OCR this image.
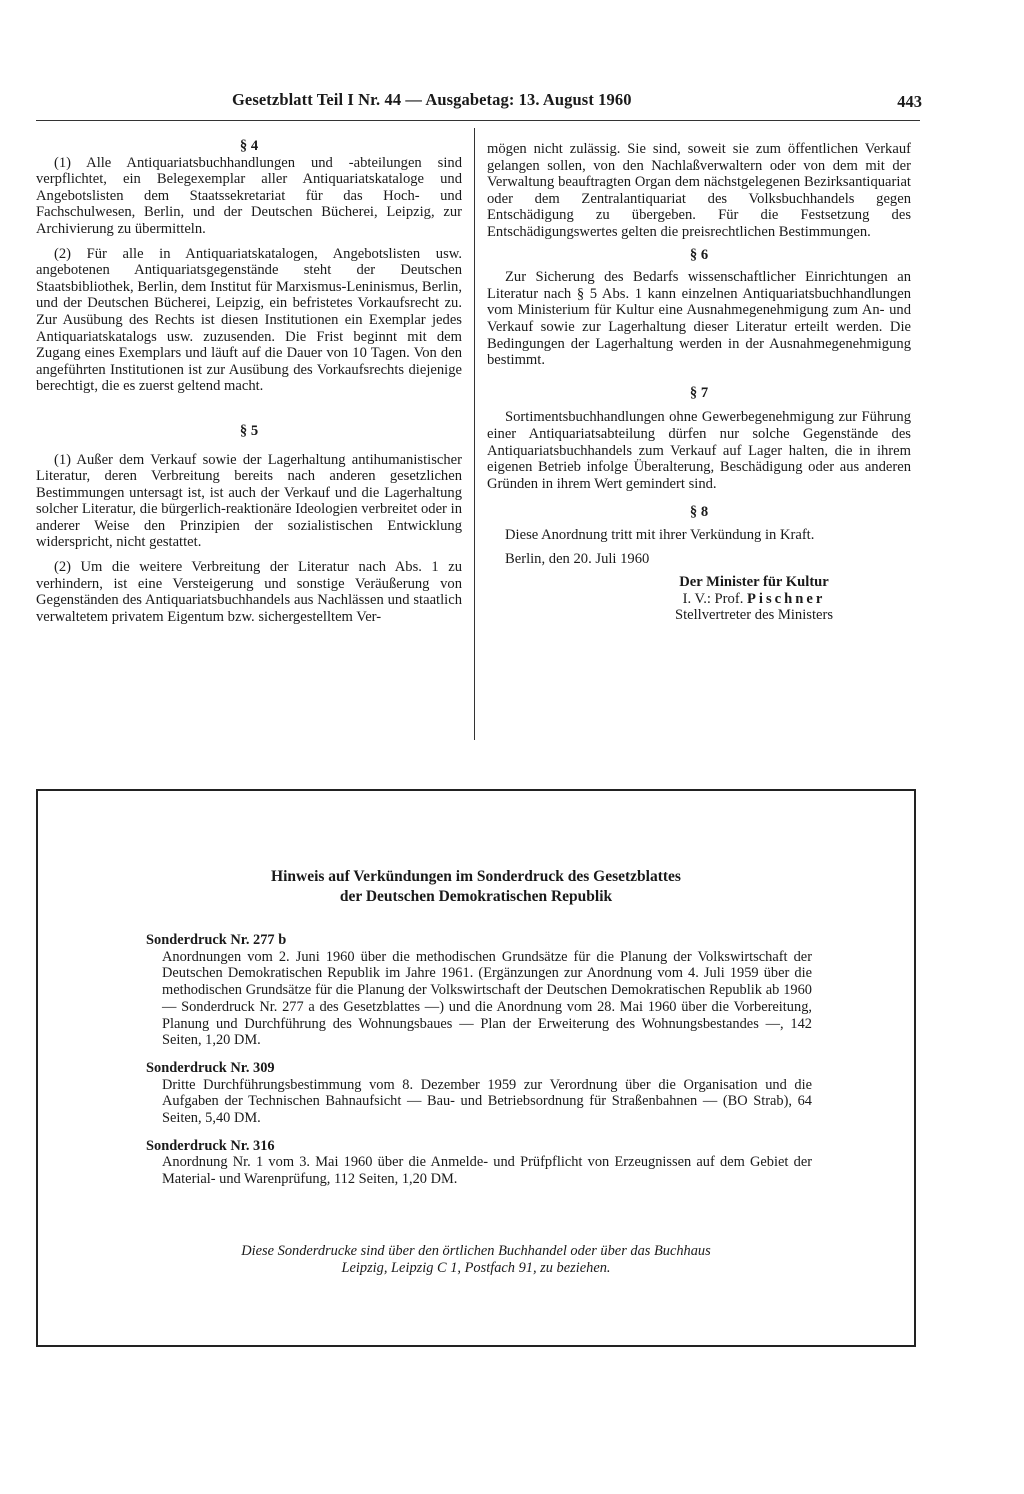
Gesetzblatt Teil I Nr. 44 — Ausgabetag: 13. August 1960	443

§ 4

(1) Alle Antiquariatsbuchhandlungen und -abteilungen sind verpflichtet, ein Belegexemplar aller Antiquariatskataloge und Angebotslisten dem Staatssekretariat für das Hoch- und Fachschulwesen, Berlin, und der Deutschen Bücherei, Leipzig, zur Archivierung zu übermitteln.

(2) Für alle in Antiquariatskatalogen, Angebotslisten usw. angebotenen Antiquariatsgegenstände steht der Deutschen Staatsbibliothek, Berlin, dem Institut für Marxismus-Leninismus, Berlin, und der Deutschen Bücherei, Leipzig, ein befristetes Vorkaufsrecht zu. Zur Ausübung des Rechts ist diesen Institutionen ein Exemplar jedes Antiquariatskatalogs usw. zuzusenden. Die Frist beginnt mit dem Zugang eines Exemplars und läuft auf die Dauer von 10 Tagen. Von den angeführten Institutionen ist zur Ausübung des Vorkaufsrechts diejenige berechtigt, die es zuerst geltend macht.

§ 5

(1) Außer dem Verkauf sowie der Lagerhaltung antihumanistischer Literatur, deren Verbreitung bereits nach anderen gesetzlichen Bestimmungen untersagt ist, ist auch der Verkauf und die Lagerhaltung solcher Literatur, die bürgerlich-reaktionäre Ideologien verbreitet oder in anderer Weise den Prinzipien der sozialistischen Entwicklung widerspricht, nicht gestattet.

(2) Um die weitere Verbreitung der Literatur nach Abs. 1 zu verhindern, ist eine Versteigerung und sonstige Veräußerung von Gegenständen des Antiquariatsbuchhandels aus Nachlässen und staatlich verwaltetem privatem Eigentum bzw. sichergestelltem Ver-

mögen nicht zulässig. Sie sind, soweit sie zum öffentlichen Verkauf gelangen sollen, von den Nachlaßverwaltern oder von dem mit der Verwaltung beauftragten Organ dem nächstgelegenen Bezirksantiquariat oder dem Zentralantiquariat des Volksbuchhandels gegen Entschädigung zu übergeben. Für die Festsetzung des Entschädigungswertes gelten die preisrechtlichen Bestimmungen.

§ 6

Zur Sicherung des Bedarfs wissenschaftlicher Einrichtungen an Literatur nach § 5 Abs. 1 kann einzelnen Antiquariatsbuchhandlungen vom Ministerium für Kultur eine Ausnahmegenehmigung zum An- und Verkauf sowie zur Lagerhaltung dieser Literatur erteilt werden. Die Bedingungen der Lagerhaltung werden in der Ausnahmegenehmigung bestimmt.

§ 7

Sortimentsbuchhandlungen ohne Gewerbegenehmigung zur Führung einer Antiquariatsabteilung dürfen nur solche Gegenstände des Antiquariatsbuchhandels zum Verkauf auf Lager halten, die in ihrem eigenen Betrieb infolge Überalterung, Beschädigung oder aus anderen Gründen in ihrem Wert gemindert sind.

§ 8

Diese Anordnung tritt mit ihrer Verkündung in Kraft.

Berlin, den 20. Juli 1960

Der Minister für Kultur

I. V.: Prof. Pischner

Stellvertreter des Ministers

Hinweis auf Verkündungen im Sonderdruck des Gesetzblattes
der Deutschen Demokratischen Republik

Sonderdruck Nr. 277 b

Anordnungen vom 2. Juni 1960 über die methodischen Grundsätze für die Planung der Volkswirtschaft der Deutschen Demokratischen Republik im Jahre 1961. (Ergänzungen zur Anordnung vom 4. Juli 1959 über die methodischen Grundsätze für die Planung der Volkswirtschaft der Deutschen Demokratischen Republik ab 1960 — Sonderdruck Nr. 277 a des Gesetzblattes —) und die Anordnung vom 28. Mai 1960 über die Vorbereitung, Planung und Durchführung des Wohnungsbaues — Plan der Erweiterung des Wohnungsbestandes —, 142 Seiten, 1,20 DM.

Sonderdruck Nr. 309

Dritte Durchführungsbestimmung vom 8. Dezember 1959 zur Verordnung über die Organisation und die Aufgaben der Technischen Bahnaufsicht — Bau- und Betriebsordnung für Straßenbahnen — (BO Strab), 64 Seiten, 5,40 DM.

Sonderdruck Nr. 316

Anordnung Nr. 1 vom 3. Mai 1960 über die Anmelde- und Prüfpflicht von Erzeugnissen auf dem Gebiet der Material- und Warenprüfung, 112 Seiten, 1,20 DM.

Diese Sonderdrucke sind über den örtlichen Buchhandel oder über das Buchhaus
Leipzig, Leipzig C 1, Postfach 91, zu beziehen.
